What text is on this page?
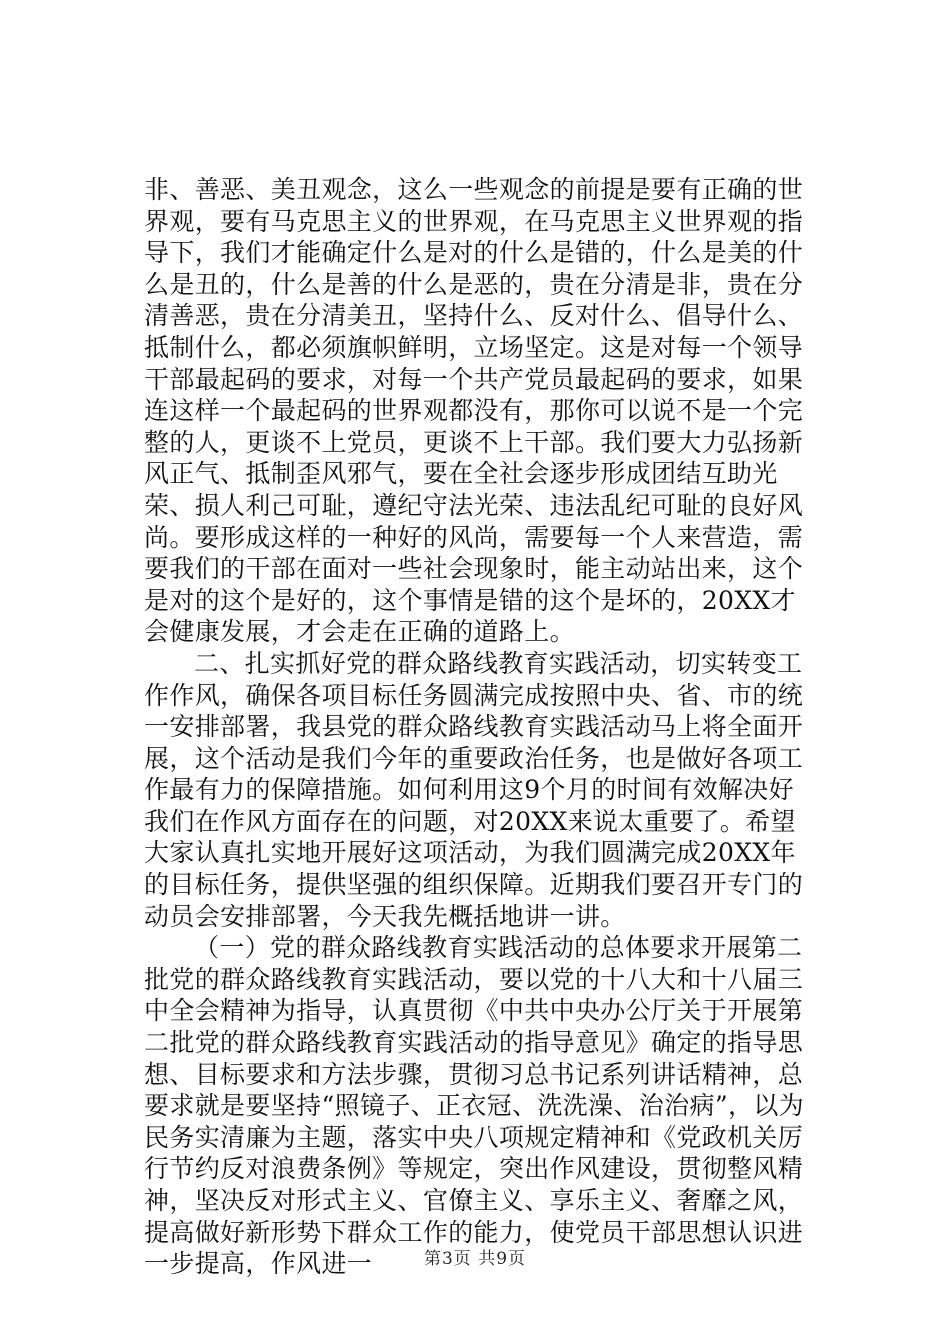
非、善恶、美丑观念，这么一些观念的前提是要有正确的世界观，要有马克思主义的世界观，在马克思主义世界观的指导下，我们才能确定什么是对的什么是错的，什么是美的什么是丑的，什么是善的什么是恶的，贵在分清是非，贵在分清善恶，贵在分清美丑，坚持什么、反对什么、倡导什么、抵制什么，都必须旗帜鲜明，立场坚定。这是对每一个领导干部最起码的要求，对每一个共产党员最起码的要求，如果连这样一个最起码的世界观都没有，那你可以说不是一个完整的人，更谈不上党员，更谈不上干部。我们要大力弘扬新风正气、抵制歪风邪气，要在全社会逐步形成团结互助光荣、损人利己可耻，遵纪守法光荣、违法乱纪可耻的良好风尚。要形成这样的一种好的风尚，需要每一个人来营造，需要我们的干部在面对一些社会现象时，能主动站出来，这个是对的这个是好的，这个事情是错的这个是坏的，20XX才会健康发展，才会走在正确的道路上。

二、扎实抓好党的群众路线教育实践活动，切实转变工作作风，确保各项目标任务圆满完成按照中央、省、市的统一安排部署，我县党的群众路线教育实践活动马上将全面开展，这个活动是我们今年的重要政治任务，也是做好各项工作最有力的保障措施。如何利用这9个月的时间有效解决好我们在作风方面存在的问题，对20XX来说太重要了。希望大家认真扎实地开展好这项活动，为我们圆满完成20XX年的目标任务，提供坚强的组织保障。近期我们要召开专门的动员会安排部署，今天我先概括地讲一讲。

（一）党的群众路线教育实践活动的总体要求开展第二批党的群众路线教育实践活动，要以党的十八大和十八届三中全会精神为指导，认真贯彻《中共中央办公厅关于开展第二批党的群众路线教育实践活动的指导意见》确定的指导思想、目标要求和方法步骤，贯彻习总书记系列讲话精神，总要求就是要坚持“照镜子、正衣冠、洗洗澡、治治病”，以为民务实清廉为主题，落实中央八项规定精神和《党政机关厉行节约反对浪费条例》等规定，突出作风建设，贯彻整风精神，坚决反对形式主义、官僚主义、享乐主义、奢靡之风，提高做好新形势下群众工作的能力，使党员干部思想认识进一步提高，作风进一	第3页 共9页
